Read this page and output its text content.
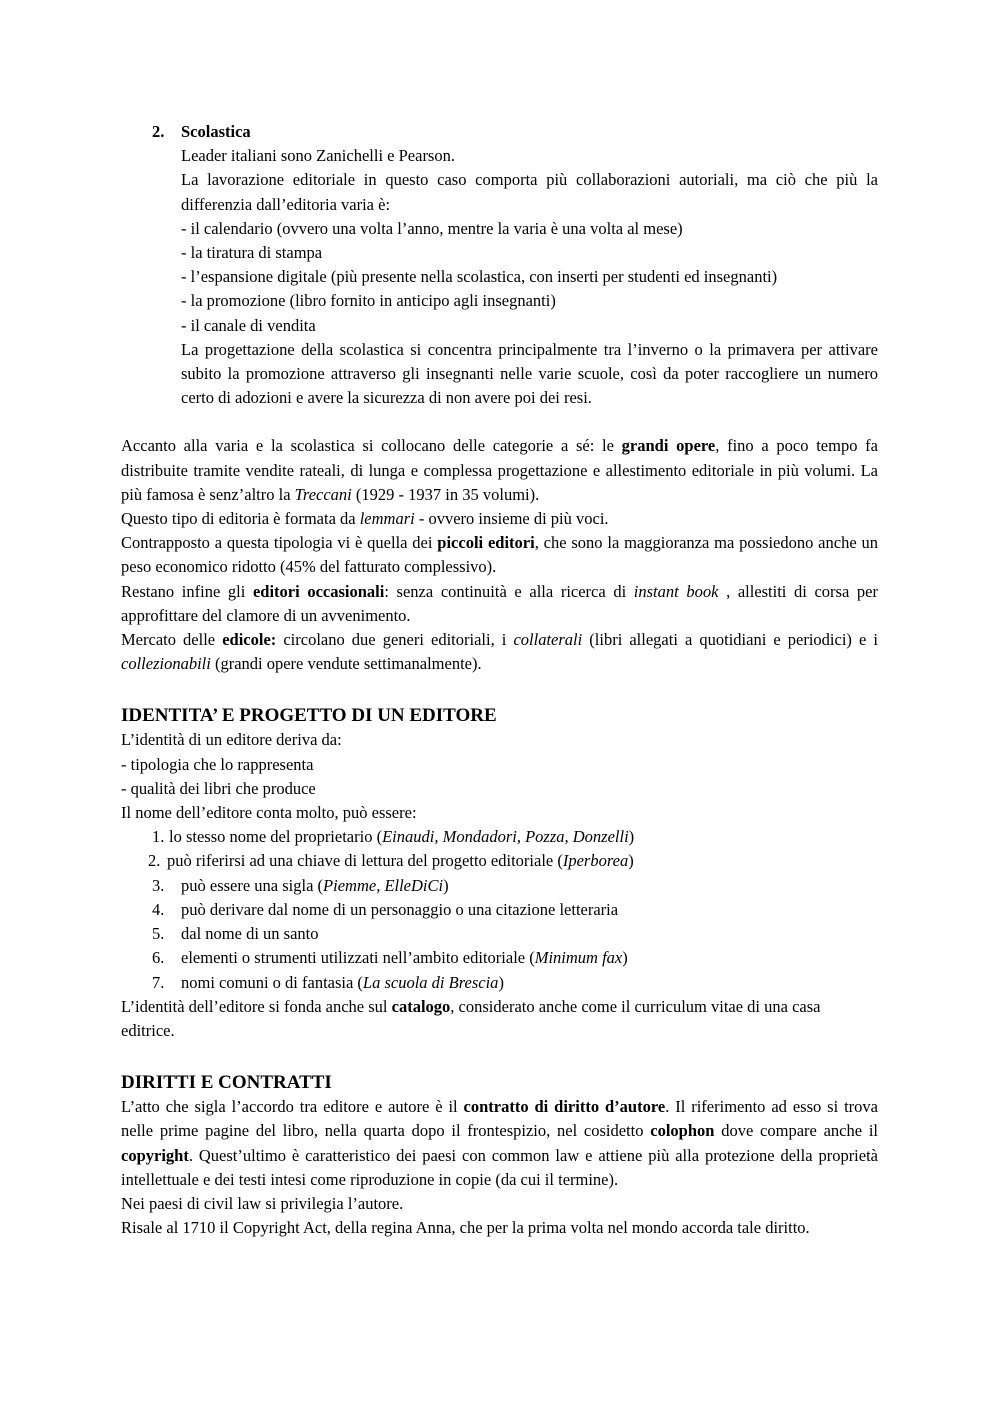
2. Scolastica

Leader italiani sono Zanichelli e Pearson.

La lavorazione editoriale in questo caso comporta più collaborazioni autoriali, ma ciò che più la differenzia dall’editoria varia è:

- il calendario (ovvero una volta l’anno, mentre la varia è una volta al mese)

- la tiratura di stampa

- l’espansione digitale (più presente nella scolastica, con inserti per studenti ed insegnanti)

- la promozione (libro fornito in anticipo agli insegnanti)

- il canale di vendita

La progettazione della scolastica si concentra principalmente tra l’inverno o la primavera per attivare subito la promozione attraverso gli insegnanti nelle varie scuole, così da poter raccogliere un numero certo di adozioni e avere la sicurezza di non avere poi dei resi.

Accanto alla varia e la scolastica si collocano delle categorie a sé: le grandi opere, fino a poco tempo fa distribuite tramite vendite rateali, di lunga e complessa progettazione e allestimento editoriale in più volumi. La più famosa è senz’altro la Treccani (1929 - 1937 in 35 volumi).

Questo tipo di editoria è formata da lemmari - ovvero insieme di più voci.

Contrapposto a questa tipologia vi è quella dei piccoli editori, che sono la maggioranza ma possiedono anche un peso economico ridotto (45% del fatturato complessivo).

Restano infine gli editori occasionali: senza continuità e alla ricerca di instant book , allestiti di corsa per approfittare del clamore di un avvenimento.

Mercato delle edicole: circolano due generi editoriali, i collaterali (libri allegati a quotidiani e periodici) e i collezionabili (grandi opere vendute settimanalmente).

IDENTITA’ E PROGETTO DI UN EDITORE

L’identità di un editore deriva da:

- tipologia che lo rappresenta

- qualità dei libri che produce

Il nome dell’editore conta molto, può essere:

1. lo stesso nome del proprietario (Einaudi, Mondadori, Pozza, Donzelli)

2. può riferirsi ad una chiave di lettura del progetto editoriale (Iperborea)

3. può essere una sigla (Piemme, ElleDiCi)

4. può derivare dal nome di un personaggio o una citazione letteraria

5. dal nome di un santo

6. elementi o strumenti utilizzati nell’ambito editoriale (Minimum fax)

7. nomi comuni o di fantasia (La scuola di Brescia)

L’identità dell’editore si fonda anche sul catalogo, considerato anche come il curriculum vitae di una casa editrice.

DIRITTI E CONTRATTI

L’atto che sigla l’accordo tra editore e autore è il contratto di diritto d’autore. Il riferimento ad esso si trova nelle prime pagine del libro, nella quarta dopo il frontespizio, nel cosidetto colophon dove compare anche il copyright. Quest’ultimo è caratteristico dei paesi con common law e attiene più alla protezione della proprietà intellettuale e dei testi intesi come riproduzione in copie (da cui il termine).

Nei paesi di civil law si privilegia l’autore.

Risale al 1710 il Copyright Act, della regina Anna, che per la prima volta nel mondo accorda tale diritto.
